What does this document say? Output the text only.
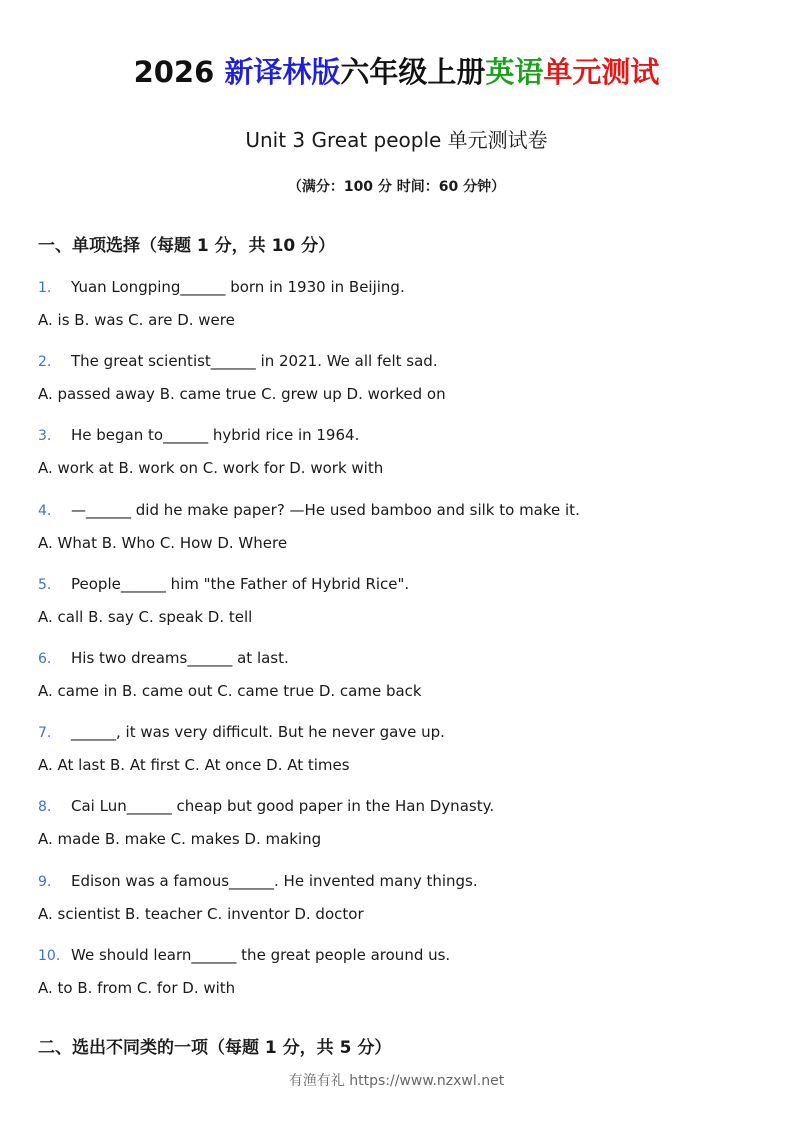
2026 新译林版六年级上册英语单元测试
Unit 3 Great people 单元测试卷
（满分：100 分 时间：60 分钟）
一、单项选择（每题 1 分，共 10 分）
1. Yuan Longping______ born in 1930 in Beijing.
A. is B. was C. are D. were
2. The great scientist______ in 2021. We all felt sad.
A. passed away B. came true C. grew up D. worked on
3. He began to______ hybrid rice in 1964.
A. work at B. work on C. work for D. work with
4. —______ did he make paper? —He used bamboo and silk to make it.
A. What B. Who C. How D. Where
5. People______ him "the Father of Hybrid Rice".
A. call B. say C. speak D. tell
6. His two dreams______ at last.
A. came in B. came out C. came true D. came back
7. ______, it was very difficult. But he never gave up.
A. At last B. At first C. At once D. At times
8. Cai Lun______ cheap but good paper in the Han Dynasty.
A. made B. make C. makes D. making
9. Edison was a famous______. He invented many things.
A. scientist B. teacher C. inventor D. doctor
10. We should learn______ the great people around us.
A. to B. from C. for D. with
二、选出不同类的一项（每题 1 分，共 5 分）
有渔有礼 https://www.nzxwl.net
